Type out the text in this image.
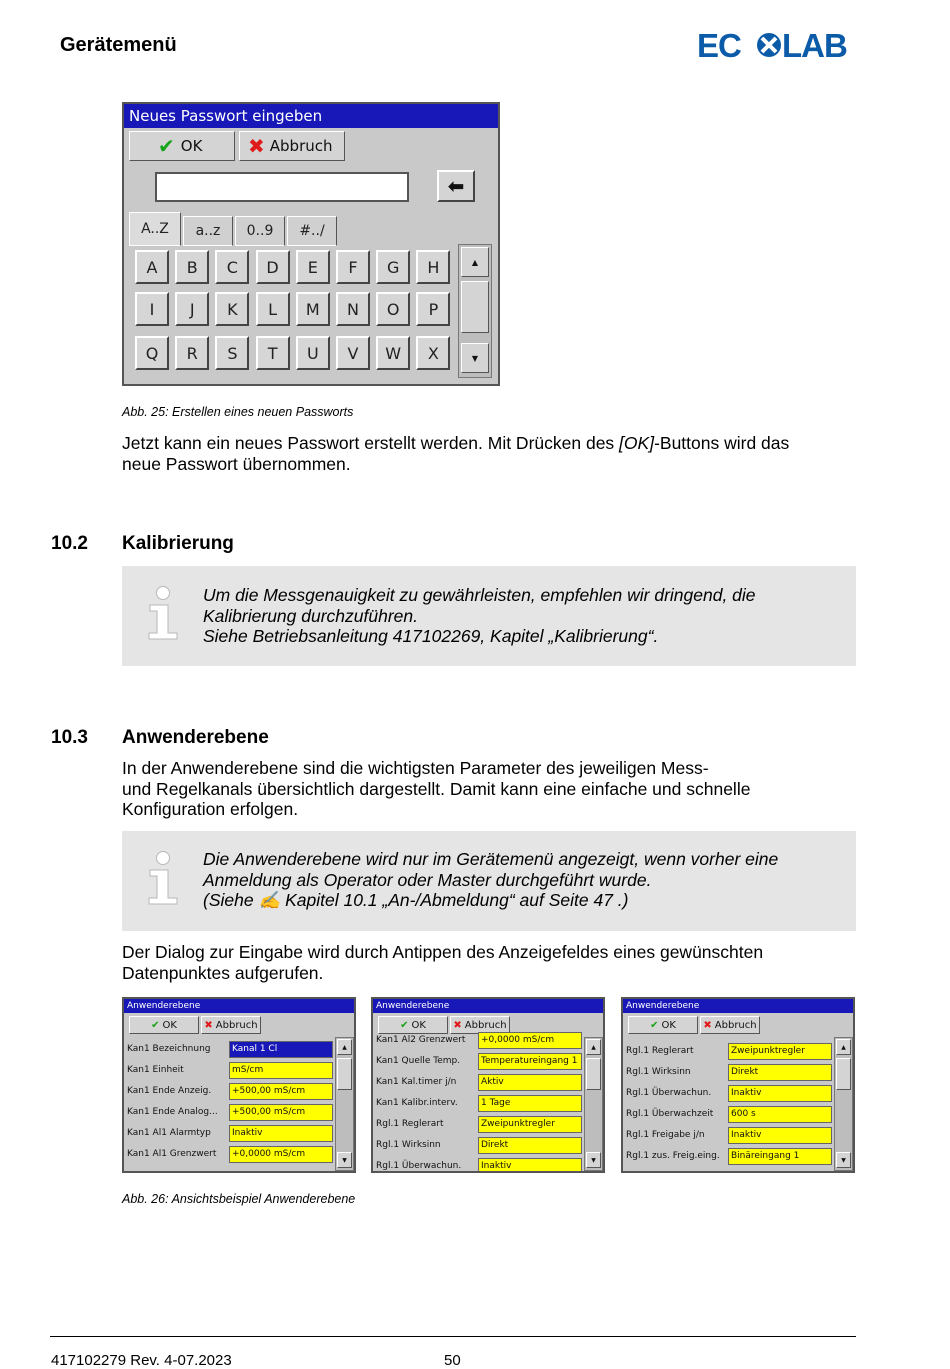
Gerätemenü	EC LAB
Neues Passwort eingeben
✔ OK ✖ Abbruch
⬅
A..Z	a..z	0..9	#../
A	B	C	D	E	F	G	H
I	J	K	L	M	N	O	P
Q	R	S	T	U	V	W	X
▲
▼
Abb. 25: Erstellen eines neuen Passworts
Jetzt kann ein neues Passwort erstellt werden. Mit Drücken des [OK]-Buttons wird das
neue Passwort übernommen.
10.2 Kalibrierung
Um die Messgenauigkeit zu gewährleisten, empfehlen wir dringend, die
Kalibrierung durchzuführen.
Siehe Betriebsanleitung 417102269, Kapitel „Kalibrierung“.
10.3 Anwenderebene
In der Anwenderebene sind die wichtigsten Parameter des jeweiligen Mess-
und Regelkanals übersichtlich dargestellt. Damit kann eine einfache und schnelle
Konfiguration erfolgen.
Die Anwenderebene wird nur im Gerätemenü angezeigt, wenn vorher eine
Anmeldung als Operator oder Master durchgeführt wurde.
(Siehe ✍ Kapitel 10.1 „An-/Abmeldung“ auf Seite 47 .)
Der Dialog zur Eingabe wird durch Antippen des Anzeigefeldes eines gewünschten
Datenpunktes aufgerufen.
Anwenderebene
✔ OK	✖ Abbruch
Kan1 Bezeichnung	Kanal 1 Cl
Kan1 Einheit	mS/cm
Kan1 Ende Anzeig.	+500,00 mS/cm
Kan1 Ende Analog...	+500,00 mS/cm
Kan1 Al1 Alarmtyp	Inaktiv
Kan1 Al1 Grenzwert	+0,0000 mS/cm
▲
▼
Anwenderebene
✔ OK	✖ Abbruch
Kan1 Al2 Grenzwert	+0,0000 mS/cm
Kan1 Quelle Temp.	Temperatureingang 1
Kan1 Kal.timer j/n	Aktiv
Kan1 Kalibr.interv.	1 Tage
Rgl.1 Reglerart	Zweipunktregler
Rgl.1 Wirksinn	Direkt
Rgl.1 Überwachun.	Inaktiv
▲
▼
Anwenderebene
✔ OK	✖ Abbruch
Rgl.1 Reglerart	Zweipunktregler
Rgl.1 Wirksinn	Direkt
Rgl.1 Überwachun.	Inaktiv
Rgl.1 Überwachzeit	600 s
Rgl.1 Freigabe j/n	Inaktiv
Rgl.1 zus. Freig.eing.	Binäreingang 1
▲
▼
Abb. 26: Ansichtsbeispiel Anwenderebene
417102279 Rev. 4-07.2023	50
